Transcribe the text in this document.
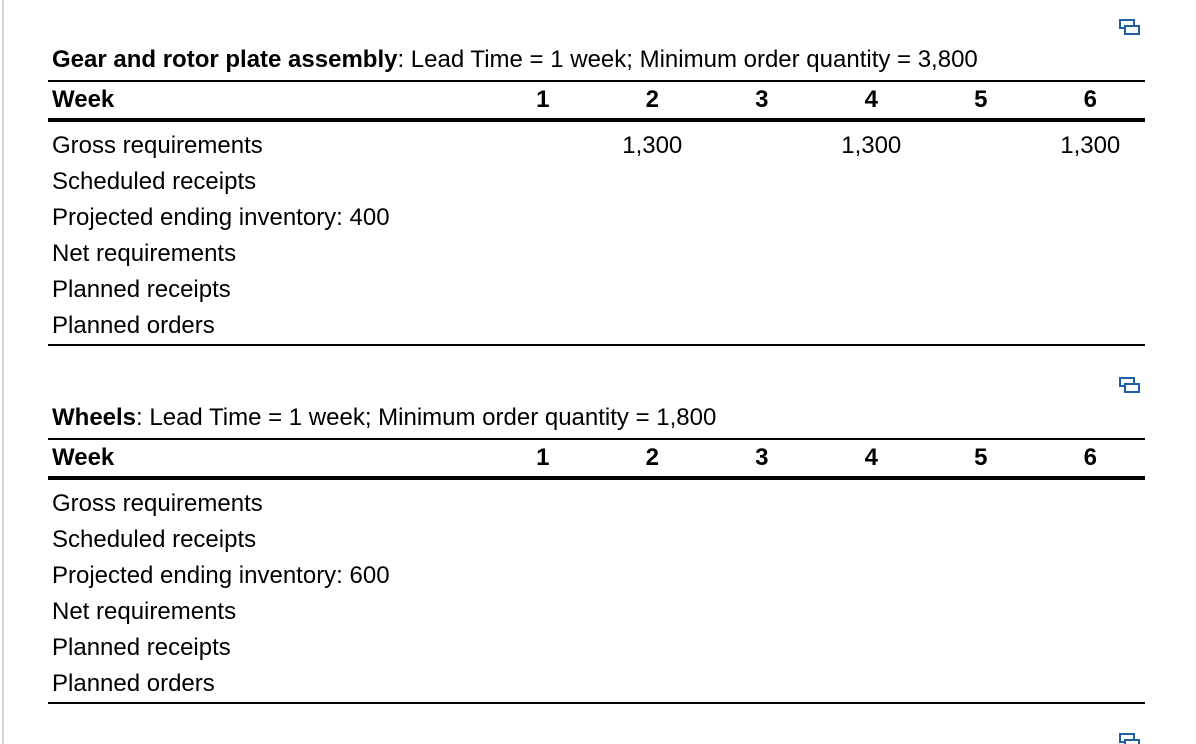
Gear and rotor plate assembly: Lead Time = 1 week; Minimum order quantity = 3,800
Week	1	2	3	4	5	6
Gross requirements		1,300		1,300		1,300
Scheduled receipts						
Projected ending inventory: 400						
Net requirements						
Planned receipts						
Planned orders						
Wheels: Lead Time = 1 week; Minimum order quantity = 1,800
Week	1	2	3	4	5	6
Gross requirements						
Scheduled receipts						
Projected ending inventory: 600						
Net requirements						
Planned receipts						
Planned orders						
